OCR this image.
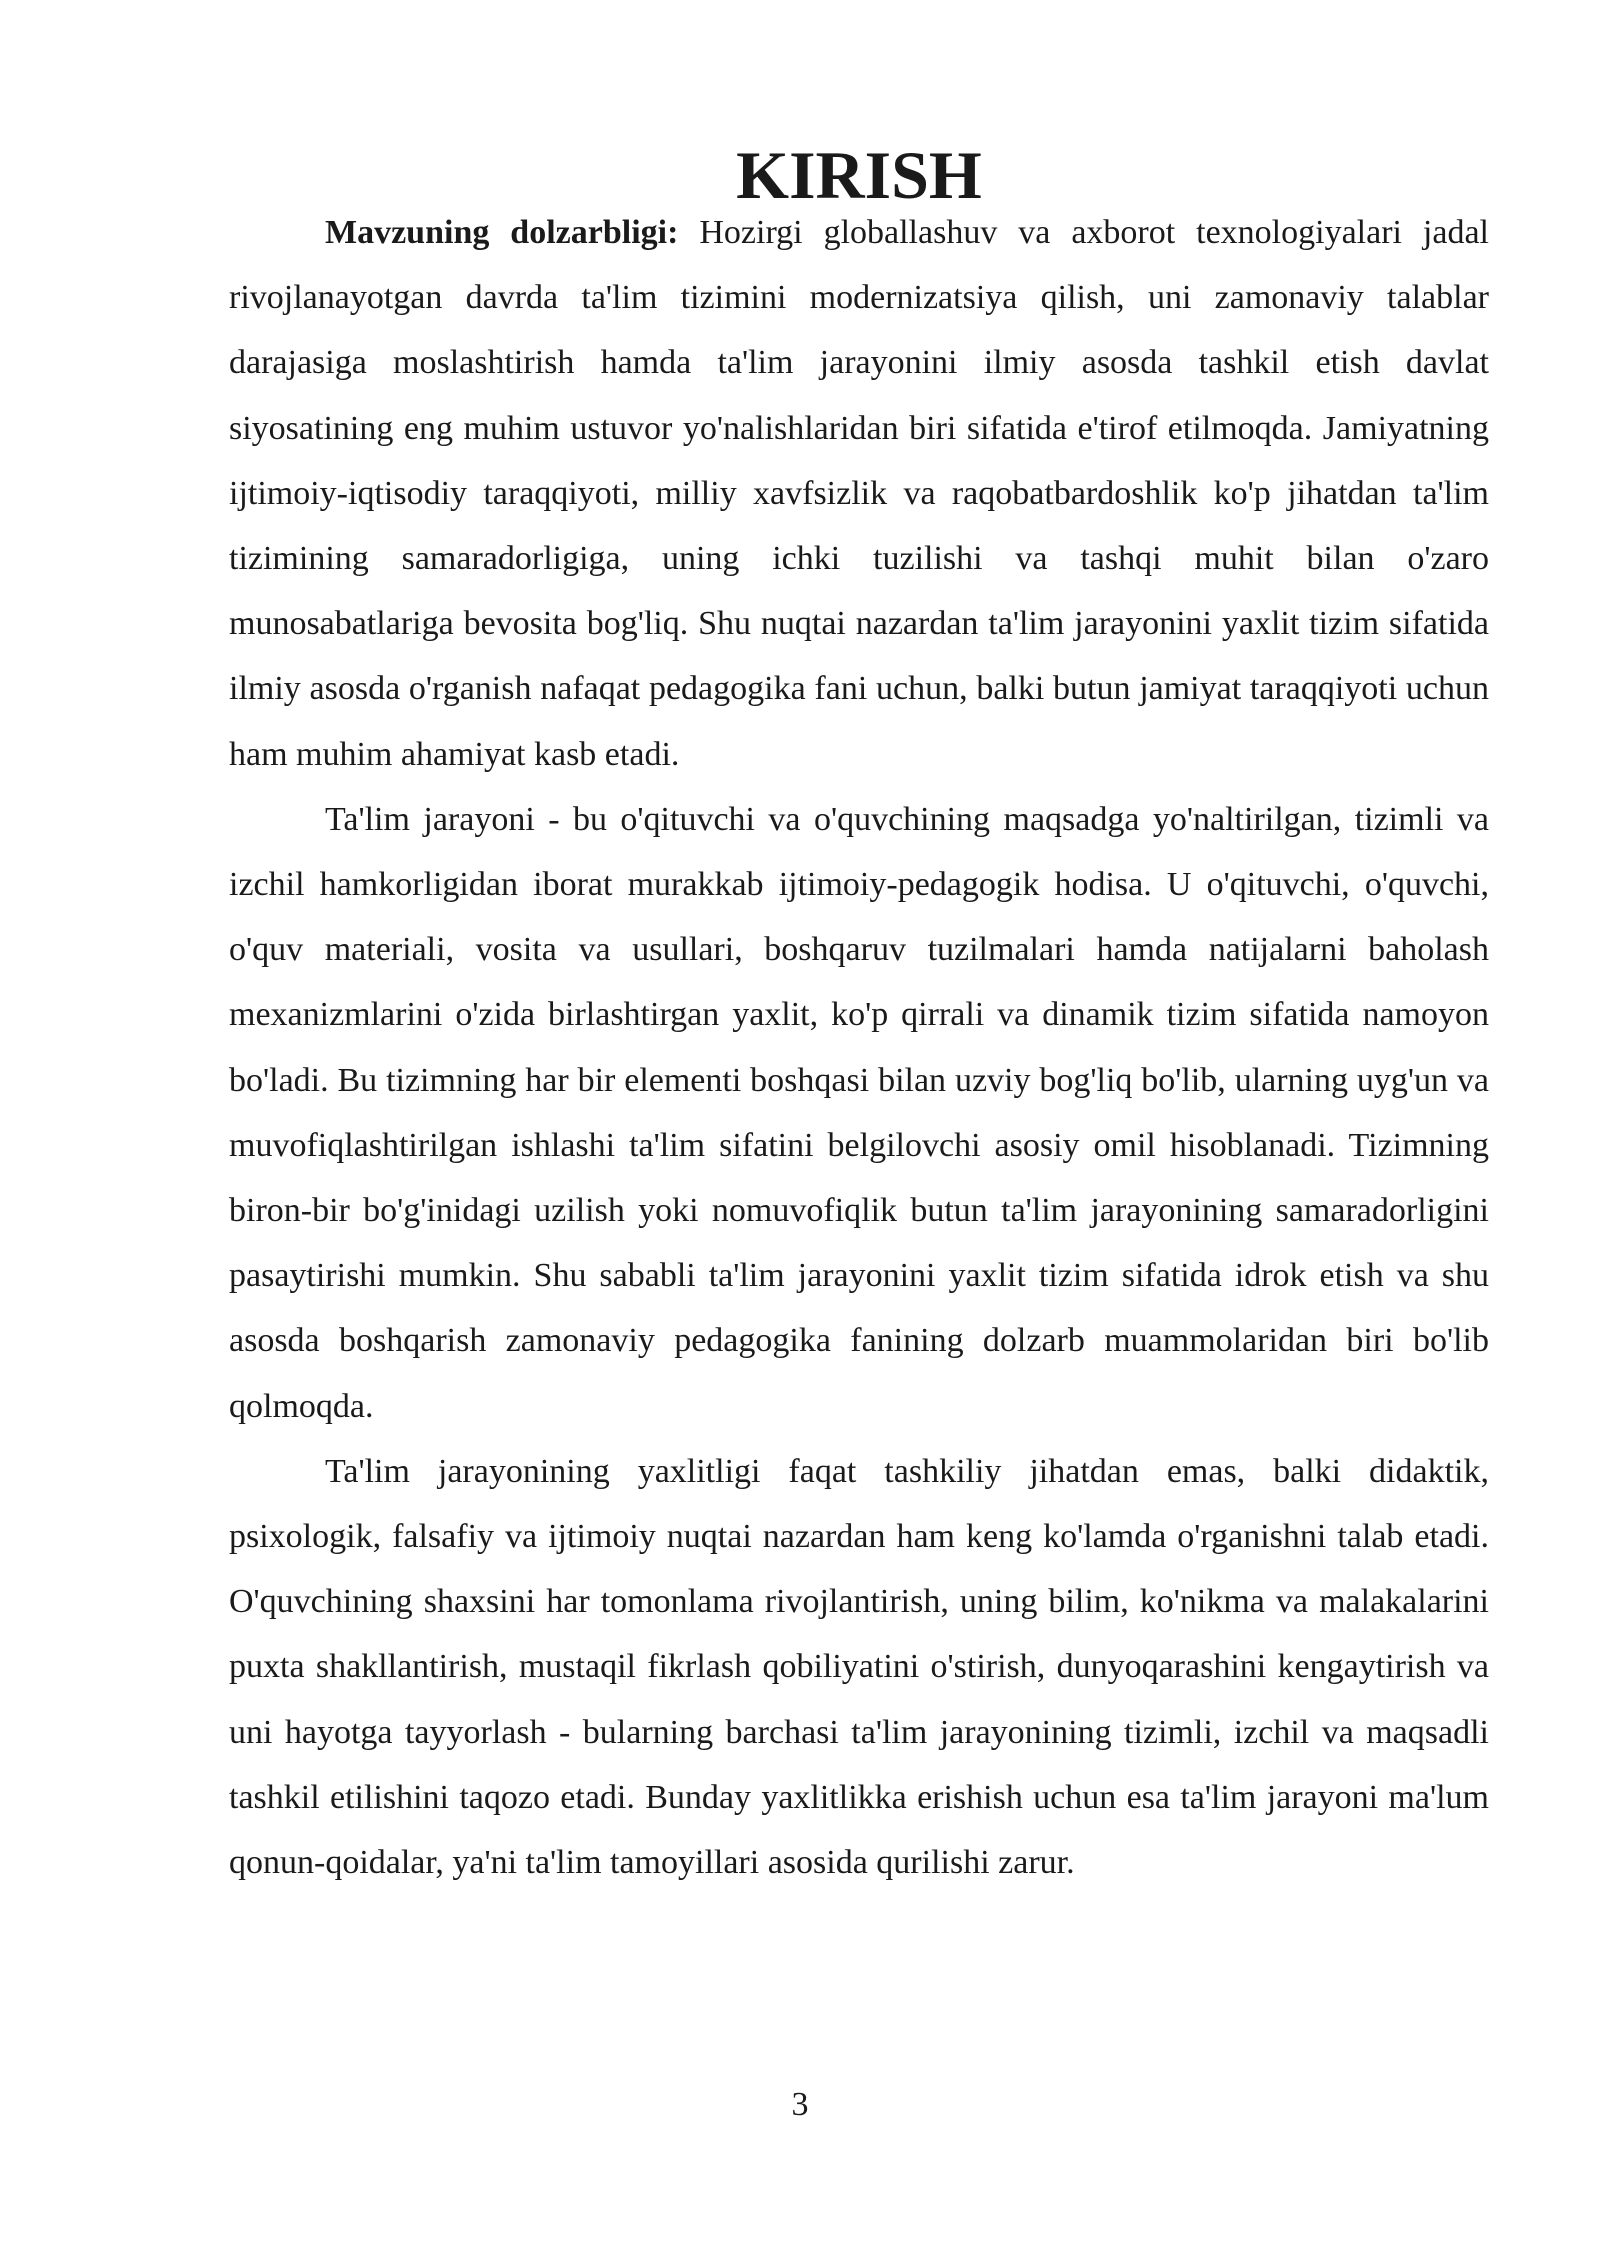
KIRISH

Mavzuning dolzarbligi: Hozirgi globallashuv va axborot texnologiyalari jadal rivojlanayotgan davrda ta'lim tizimini modernizatsiya qilish, uni zamonaviy talablar darajasiga moslashtirish hamda ta'lim jarayonini ilmiy asosda tashkil etish davlat siyosatining eng muhim ustuvor yo'nalishlaridan biri sifatida e'tirof etilmoqda. Jamiyatning ijtimoiy-iqtisodiy taraqqiyoti, milliy xavfsizlik va raqobatbardoshlik ko'p jihatdan ta'lim tizimining samaradorligiga, uning ichki tuzilishi va tashqi muhit bilan o'zaro munosabatlariga bevosita bog'liq. Shu nuqtai nazardan ta'lim jarayonini yaxlit tizim sifatida ilmiy asosda o'rganish nafaqat pedagogika fani uchun, balki butun jamiyat taraqqiyoti uchun ham muhim ahamiyat kasb etadi.

Ta'lim jarayoni - bu o'qituvchi va o'quvchining maqsadga yo'naltirilgan, tizimli va izchil hamkorligidan iborat murakkab ijtimoiy-pedagogik hodisa. U o'qituvchi, o'quvchi, o'quv materiali, vosita va usullari, boshqaruv tuzilmalari hamda natijalarni baholash mexanizmlarini o'zida birlashtirgan yaxlit, ko'p qirrali va dinamik tizim sifatida namoyon bo'ladi. Bu tizimning har bir elementi boshqasi bilan uzviy bog'liq bo'lib, ularning uyg'un va muvofiqlashtirilgan ishlashi ta'lim sifatini belgilovchi asosiy omil hisoblanadi. Tizimning biron-bir bo'g'inidagi uzilish yoki nomuvofiqlik butun ta'lim jarayonining samaradorligini pasaytirishi mumkin. Shu sababli ta'lim jarayonini yaxlit tizim sifatida idrok etish va shu asosda boshqarish zamonaviy pedagogika fanining dolzarb muammolaridan biri bo'lib qolmoqda.

Ta'lim jarayonining yaxlitligi faqat tashkiliy jihatdan emas, balki didaktik, psixologik, falsafiy va ijtimoiy nuqtai nazardan ham keng ko'lamda o'rganishni talab etadi. O'quvchining shaxsini har tomonlama rivojlantirish, uning bilim, ko'nikma va malakalarini puxta shakllantirish, mustaqil fikrlash qobiliyatini o'stirish, dunyoqarashini kengaytirish va uni hayotga tayyorlash - bularning barchasi ta'lim jarayonining tizimli, izchil va maqsadli tashkil etilishini taqozo etadi. Bunday yaxlitlikka erishish uchun esa ta'lim jarayoni ma'lum qonun-qoidalar, ya'ni ta'lim tamoyillari asosida qurilishi zarur.

3
